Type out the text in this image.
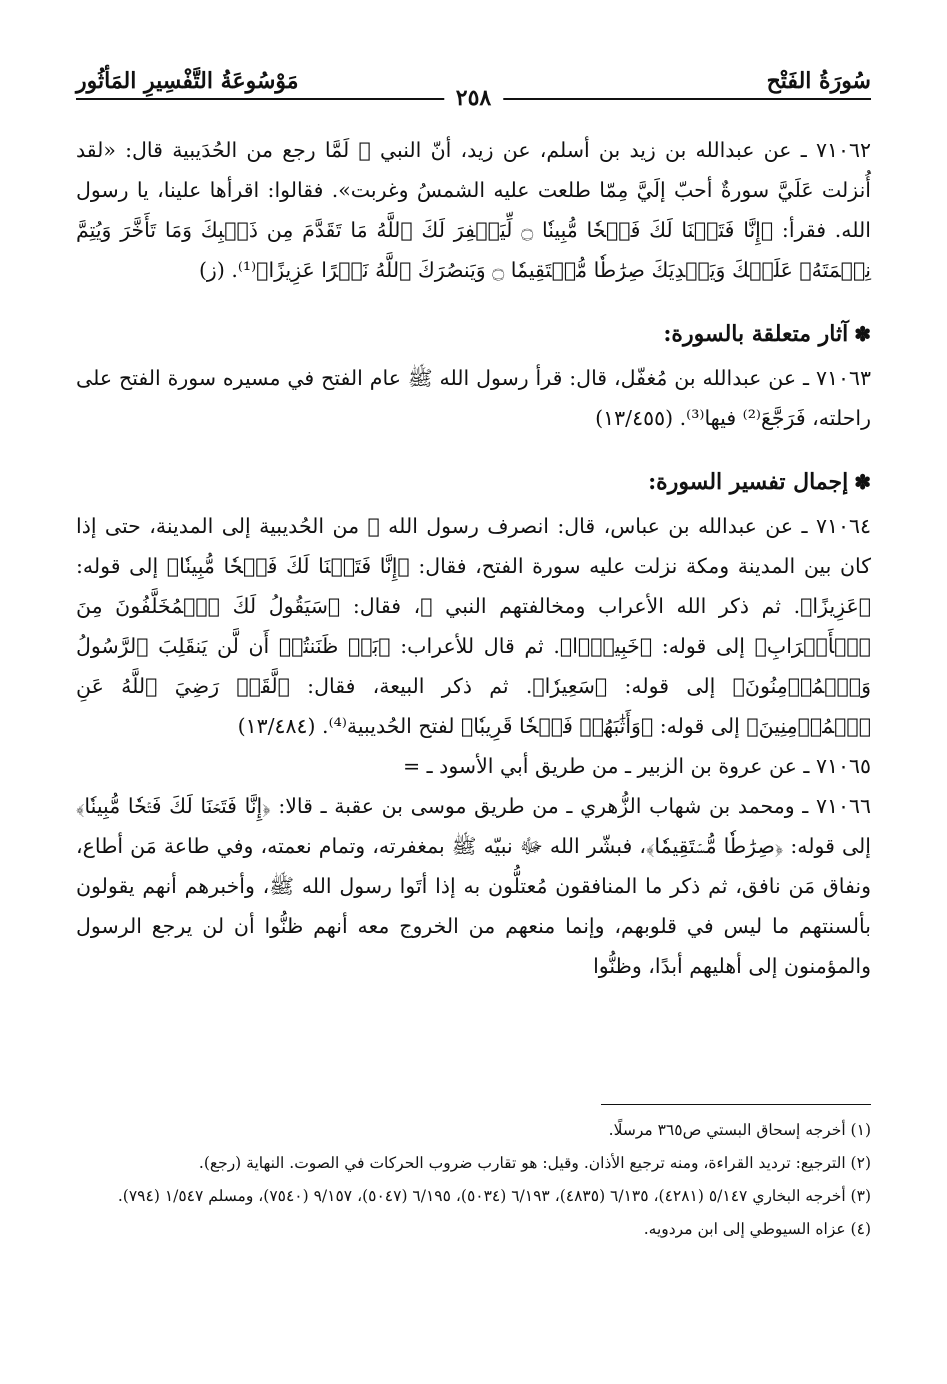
سُورَةُ الفَتْح
٢٥٨
مَوْسُوعَةُ التَّفْسِيرِ المَأثُور

٧١٠٦٢ ـ عن عبدالله بن زيد بن أسلم، عن زيد، أنّ النبي ﷺ لَمَّا رجع من الحُدَيبية قال: «لقد أُنزلت عَلَيَّ سورةٌ أحبّ إلَيَّ مِمّا طلعت عليه الشمسُ وغربت». فقالوا: اقرأها علينا، يا رسول الله. فقرأ: ﴿إِنَّا فَتَحۡنَا لَكَ فَتۡحٗا مُّبِينٗا ۝ لِّيَغۡفِرَ لَكَ ٱللَّهُ مَا تَقَدَّمَ مِن ذَنۢبِكَ وَمَا تَأَخَّرَ وَيُتِمَّ نِعۡمَتَهُۥ عَلَيۡكَ وَيَهۡدِيَكَ صِرَٰطٗا مُّسۡتَقِيمٗا ۝ وَيَنصُرَكَ ٱللَّهُ نَصۡرًا عَزِيزًا﴾⁽¹⁾. (ز)

✽آثار متعلقة بالسورة:

٧١٠٦٣ ـ عن عبدالله بن مُغفّل، قال: قرأ رسول الله ﷺ عام الفتح في مسيره سورة الفتح على راحلته، فَرَجَّعَ⁽²⁾ فيها⁽³⁾. (١٣/٤٥٥)

✽إجمال تفسير السورة:

٧١٠٦٤ ـ عن عبدالله بن عباس، قال: انصرف رسول الله ﷺ من الحُديبية إلى المدينة، حتى إذا كان بين المدينة ومكة نزلت عليه سورة الفتح، فقال: ﴿إِنَّا فَتَحۡنَا لَكَ فَتۡحٗا مُّبِينٗا﴾ إلى قوله: ﴿عَزِيزًا﴾. ثم ذكر الله الأعراب ومخالفتهم النبي ﷺ، فقال: ﴿سَيَقُولُ لَكَ ٱلۡمُخَلَّفُونَ مِنَ ٱلۡأَعۡرَابِ﴾ إلى قوله: ﴿خَبِيرَۢا﴾. ثم قال للأعراب: ﴿بَلۡ ظَنَنتُمۡ أَن لَّن يَنقَلِبَ ٱلرَّسُولُ وَٱلۡمُؤۡمِنُونَ﴾ إلى قوله: ﴿سَعِيرٗا﴾. ثم ذكر البيعة، فقال: ﴿لَّقَدۡ رَضِيَ ٱللَّهُ عَنِ ٱلۡمُؤۡمِنِينَ﴾ إلى قوله: ﴿وَأَثَٰبَهُمۡ فَتۡحٗا قَرِيبٗا﴾ لفتح الحُديبية⁽⁴⁾. (١٣/٤٨٤)

٧١٠٦٥ ـ عن عروة بن الزبير ـ من طريق أبي الأسود ـ =

٧١٠٦٦ ـ ومحمد بن شهاب الزُّهري ـ من طريق موسى بن عقبة ـ قالا: ﴿إِنَّا فَتَحۡنَا لَكَ فَتۡحٗا مُّبِينٗا﴾ إلى قوله: ﴿صِرَٰطٗا مُّسۡتَقِيمٗا﴾، فبشّر الله ﷻ نبيّه ﷺ بمغفرته، وتمام نعمته، وفي طاعة مَن أطاع، ونفاق مَن نافق، ثم ذكر ما المنافقون مُعتلُّون به إذا أتَوا رسول الله ﷺ، وأخبرهم أنهم يقولون بألسنتهم ما ليس في قلوبهم، وإنما منعهم من الخروج معه أنهم ظنُّوا أن لن يرجع الرسول والمؤمنون إلى أهليهم أبدًا، وظنُّوا

(١) أخرجه إسحاق البستي ص٣٦٥ مرسلًا.

(٢) الترجيع: ترديد القراءة، ومنه ترجيع الأذان. وقيل: هو تقارب ضروب الحركات في الصوت. النهاية (رجع).

(٣) أخرجه البخاري ٥/١٤٧ (٤٢٨١)، ٦/١٣٥ (٤٨٣٥)، ٦/١٩٣ (٥٠٣٤)، ٦/١٩٥ (٥٠٤٧)، ٩/١٥٧ (٧٥٤٠)، ومسلم ١/٥٤٧ (٧٩٤).

(٤) عزاه السيوطي إلى ابن مردويه.
